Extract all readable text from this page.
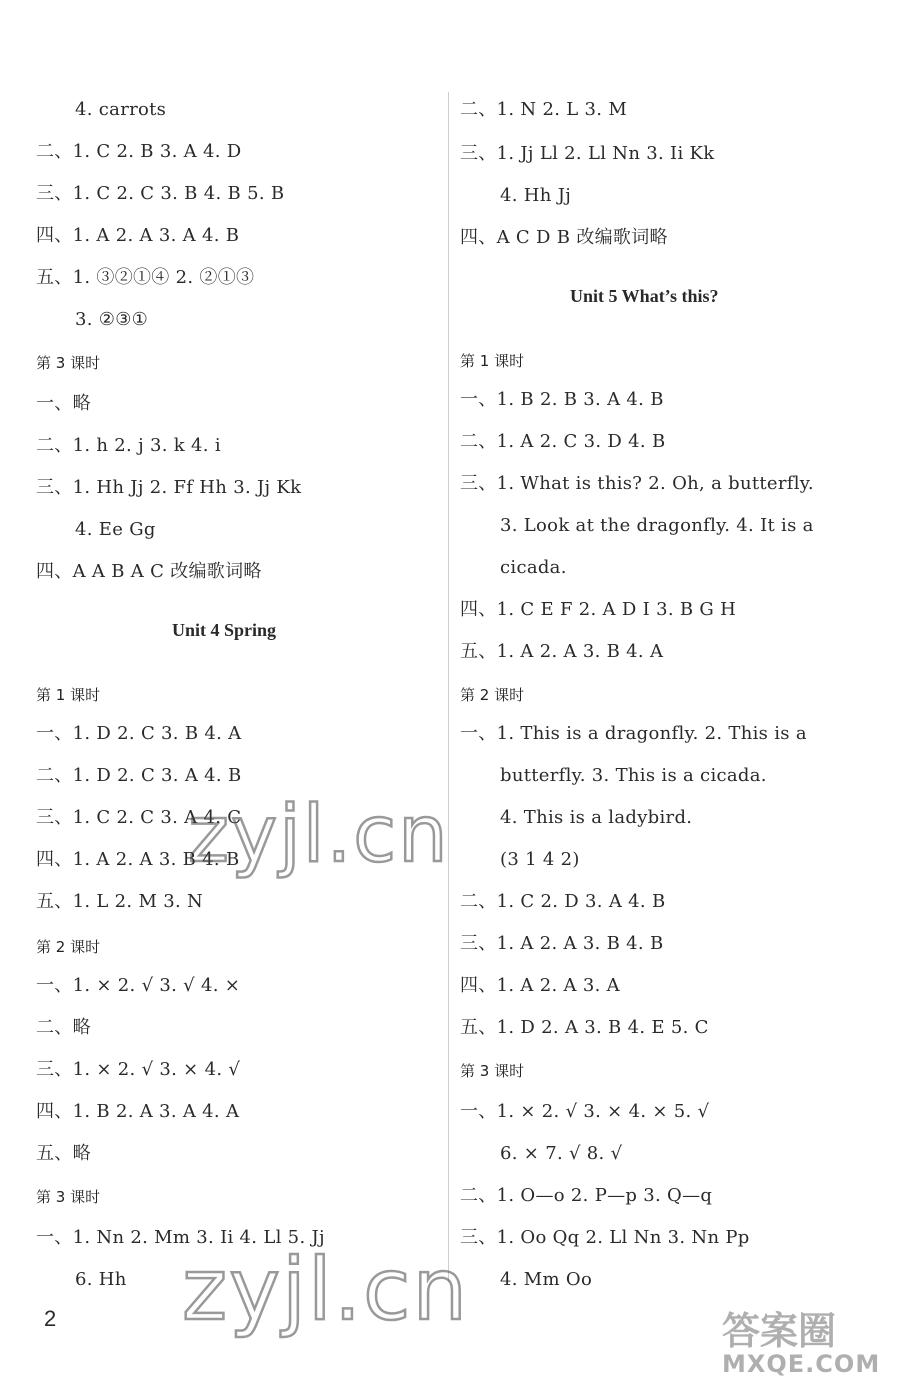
4. carrots
二、1. C 2. B 3. A 4. D
三、1. C 2. C 3. B 4. B 5. B
四、1. A 2. A 3. A 4. B
五、1. ③②①④ 2. ②①③
3. ②③①
第 3 课时
一、略
二、1. h 2. j 3. k 4. i
三、1. Hh Jj 2. Ff Hh 3. Jj Kk
4. Ee Gg
四、A A B A C 改编歌词略
Unit 4 Spring
第 1 课时
一、1. D 2. C 3. B 4. A
二、1. D 2. C 3. A 4. B
三、1. C 2. C 3. A 4. C
四、1. A 2. A 3. B 4. B
五、1. L 2. M 3. N
第 2 课时
一、1. × 2. √ 3. √ 4. ×
二、略
三、1. × 2. √ 3. × 4. √
四、1. B 2. A 3. A 4. A
五、略
第 3 课时
一、1. Nn 2. Mm 3. Ii 4. Ll 5. Jj
6. Hh
二、1. N 2. L 3. M
三、1. Jj Ll 2. Ll Nn 3. Ii Kk
4. Hh Jj
四、A C D B 改编歌词略
Unit 5 What’s this?
第 1 课时
一、1. B 2. B 3. A 4. B
二、1. A 2. C 3. D 4. B
三、1. What is this? 2. Oh, a butterfly.
3. Look at the dragonfly. 4. It is a
cicada.
四、1. C E F 2. A D I 3. B G H
五、1. A 2. A 3. B 4. A
第 2 课时
一、1. This is a dragonfly. 2. This is a
butterfly. 3. This is a cicada.
4. This is a ladybird.
(3 1 4 2)
二、1. C 2. D 3. A 4. B
三、1. A 2. A 3. B 4. B
四、1. A 2. A 3. A
五、1. D 2. A 3. B 4. E 5. C
第 3 课时
一、1. × 2. √ 3. × 4. × 5. √
6. × 7. √ 8. √
二、1. O—o 2. P—p 3. Q—q
三、1. Oo Qq 2. Ll Nn 3. Nn Pp
4. Mm Oo
2
zyjl.cn
zyjl.cn	答案圈
MXQE.COM
